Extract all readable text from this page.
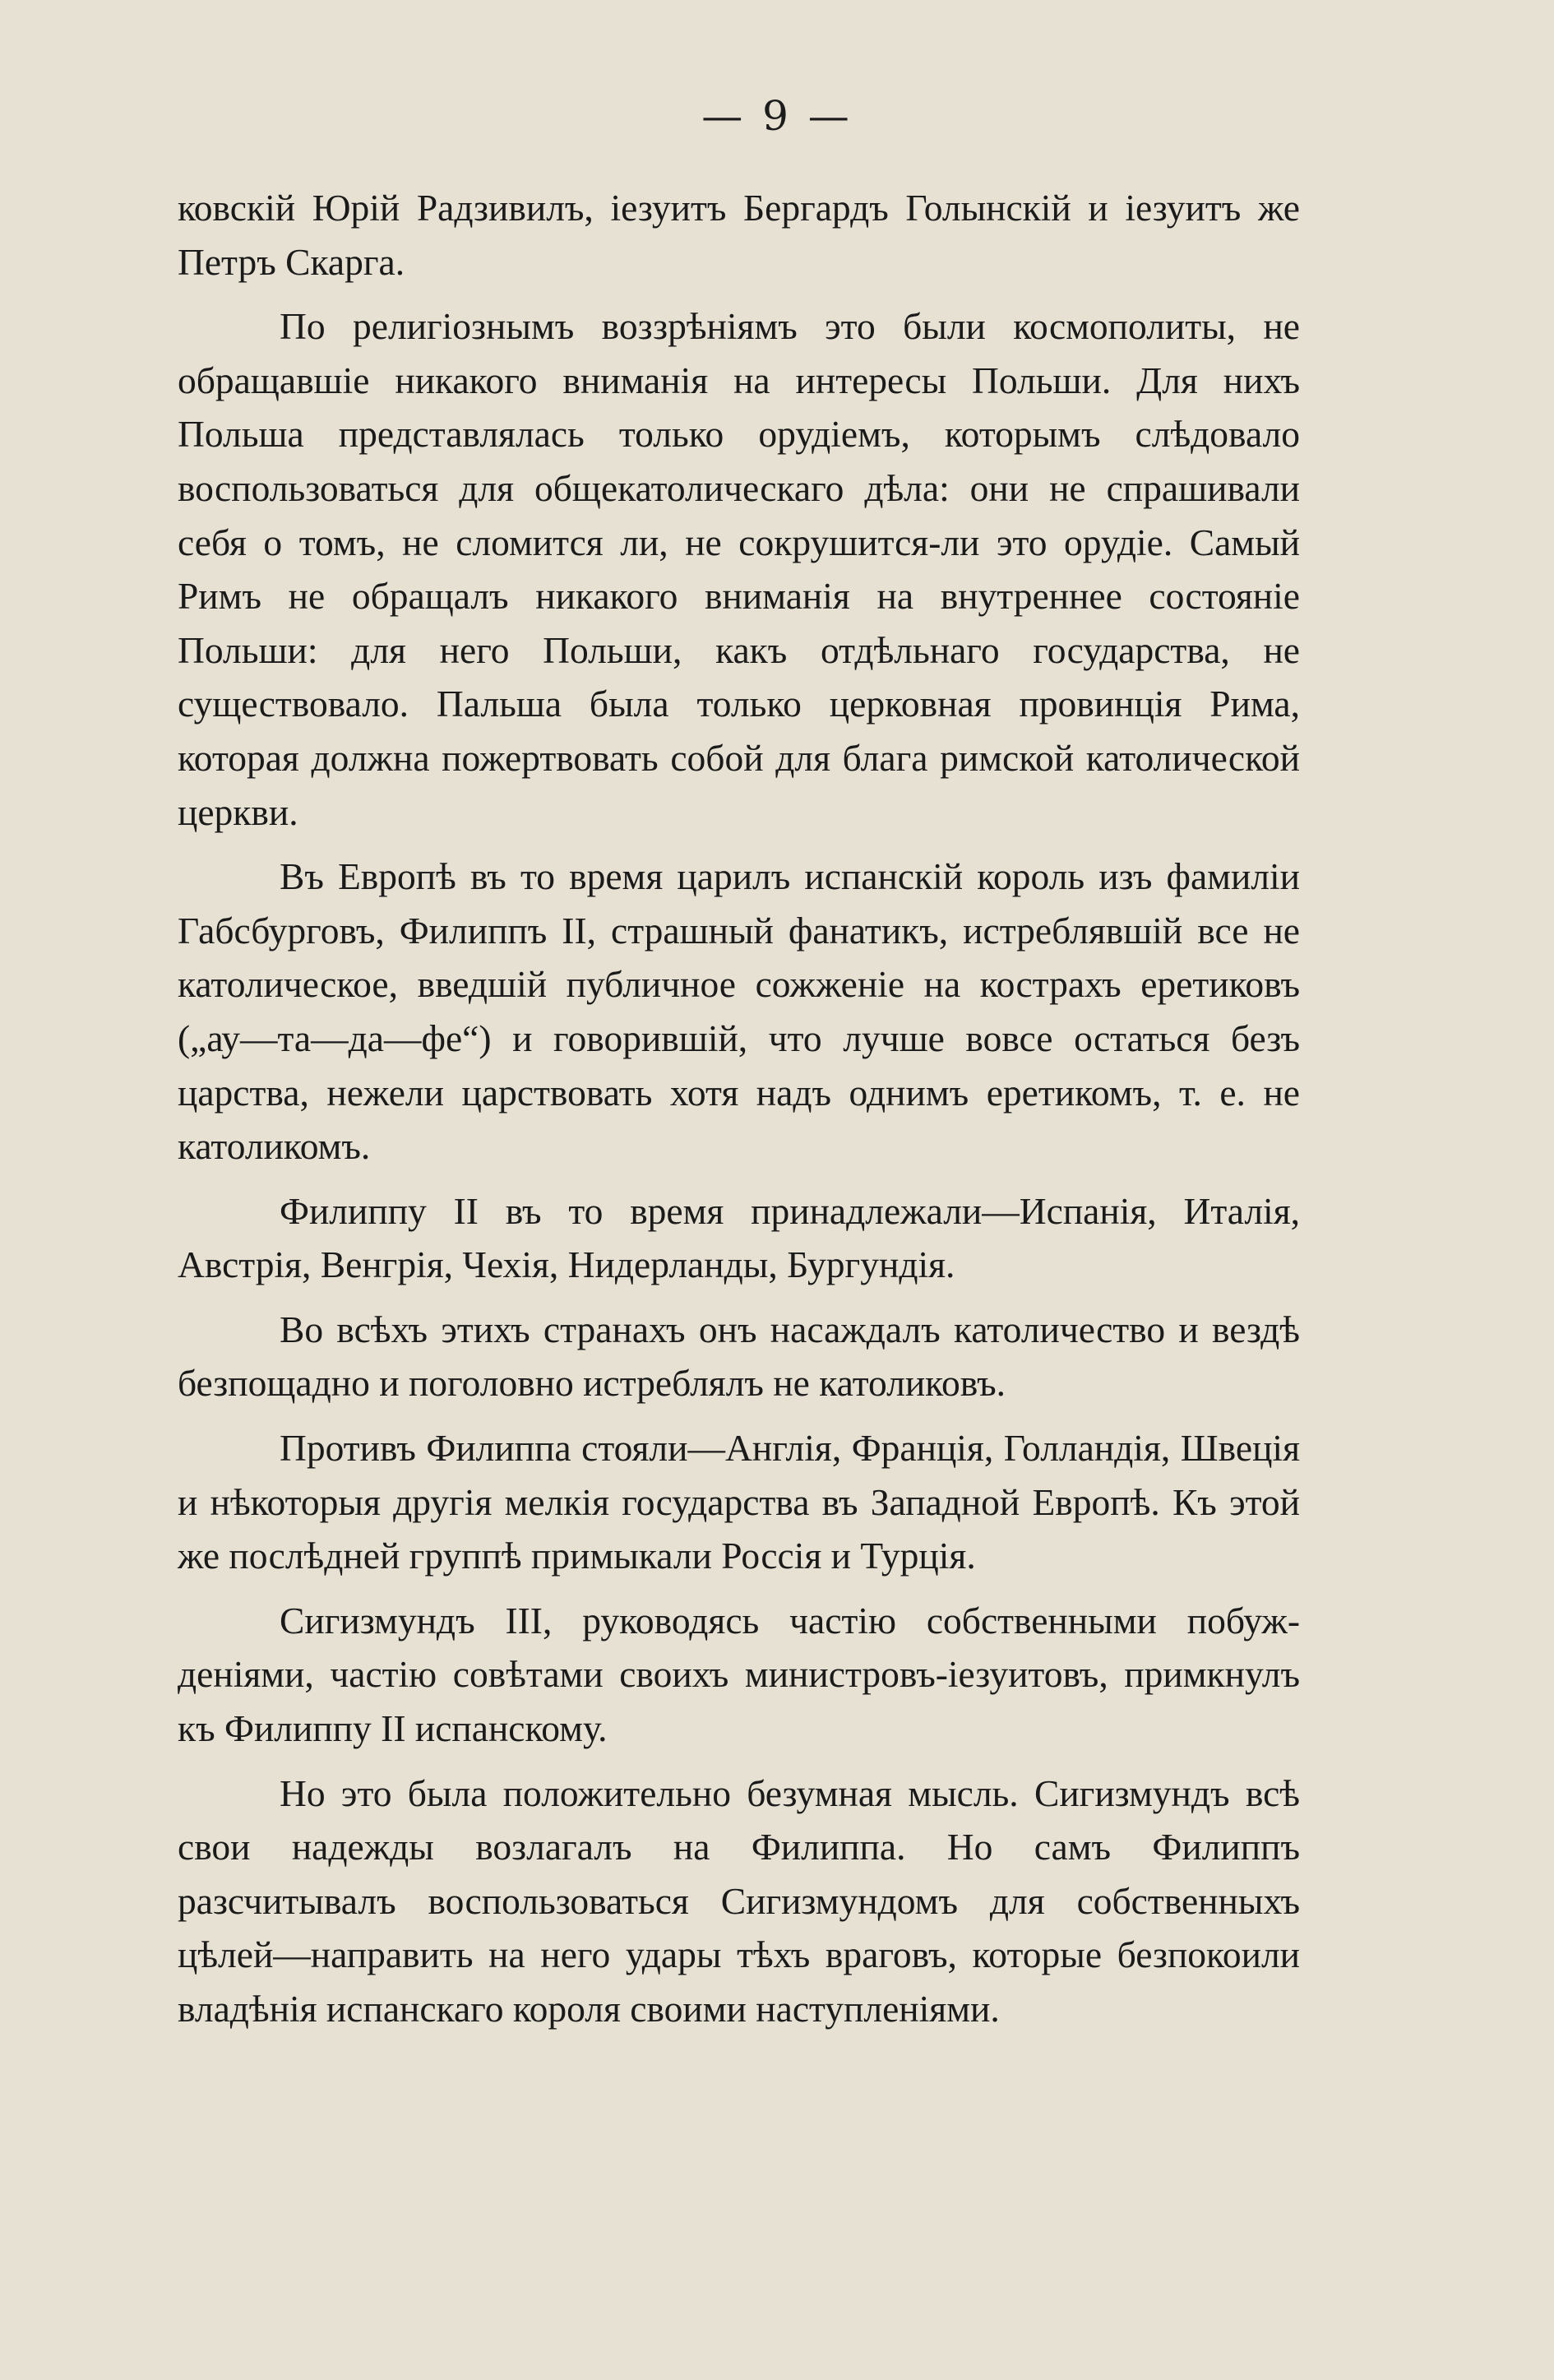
— 9 —

ковскій Юрій Радзивилъ, іезуитъ Бергардъ Голынскій и іезуитъ же Петръ Скарга.

По религіознымъ воззрѣніямъ это были космополиты, не обращавшіе никакого вниманія на интересы Польши. Для нихъ Польша представлялась только орудіемъ, которымъ слѣдовало воспользоваться для общекатолическаго дѣла: они не спрашивали себя о томъ, не сломится ли, не сокрушится-ли это орудіе. Самый Римъ не обращалъ никакого вниманія на внутреннее состояніе Польши: для него Польши, какъ отдѣльнаго государства, не существовало. Пальша была только церковная провинція Рима, которая должна пожертвовать собой для блага римской католической церкви.

Въ Европѣ въ то время царилъ испанскій король изъ фамиліи Габсбурговъ, Филиппъ II, страшный фанатикъ, истреблявшій все не католическое, введшій публичное сожженіе на кострахъ еретиковъ („ау—та—да—фе“) и говорившій, что лучше вовсе остаться безъ царства, нежели царствовать хотя надъ однимъ еретикомъ, т. е. не католикомъ.

Филиппу II въ то время принадлежали—Испанія, Италія, Австрія, Венгрія, Чехія, Нидерланды, Бургундія.

Во всѣхъ этихъ странахъ онъ насаждалъ католичество и вездѣ безпощадно и поголовно истреблялъ не католиковъ.

Противъ Филиппа стояли—Англія, Францiя, Голландія, Швеція и нѣкоторыя другія мелкія государства въ Западной Европѣ. Къ этой же послѣдней группѣ примыкали Россія и Турція.

Сигизмундъ III, руководясь частію собственными побужденіями, частію совѣтами своихъ министровъ-іезуитовъ, примкнулъ къ Филиппу II испанскому.

Но это была положительно безумная мысль. Сигизмундъ всѣ свои надежды возлагалъ на Филиппа. Но самъ Филиппъ разсчитывалъ воспользоваться Сигизмундомъ для собственныхъ цѣлей—направить на него удары тѣхъ враговъ, которые безпокоили владѣнія испанскаго короля своими наступленіями.
